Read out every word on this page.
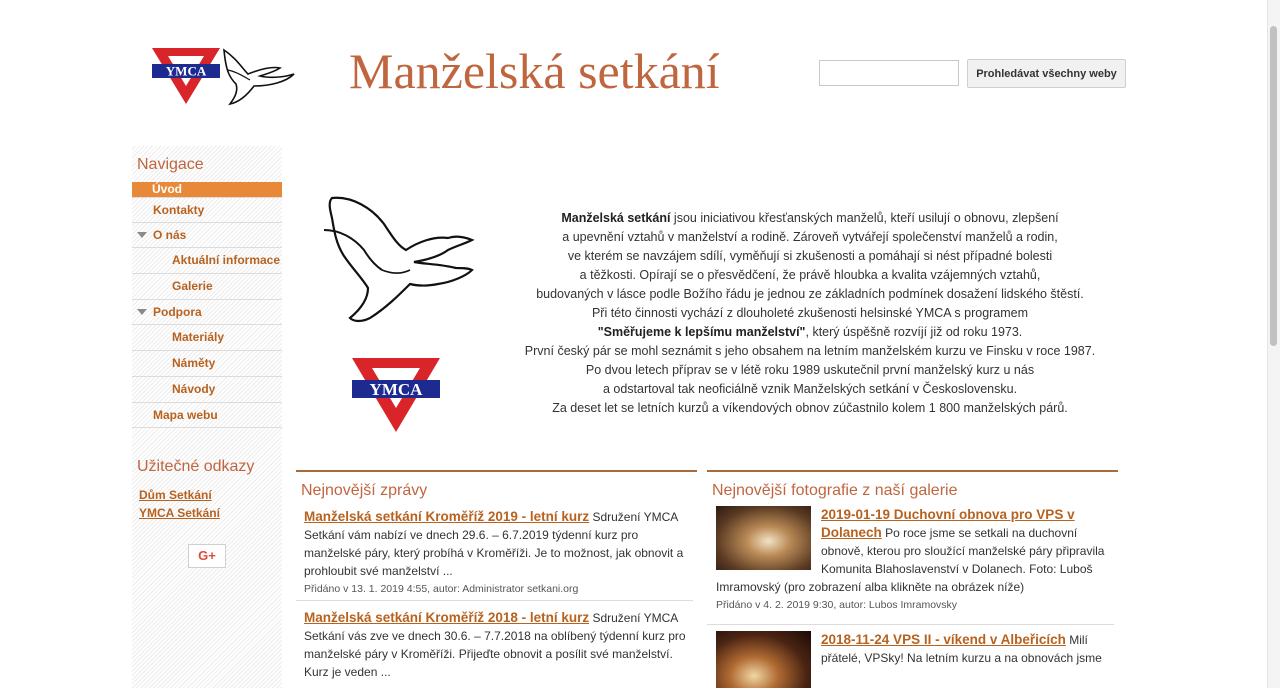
YMCA	Manželská setkání	Prohledávat všechny weby
Navigace
Úvod
Kontakty
O nás
Aktuální informace
Galerie
Podpora
Materiály
Náměty
Návody
Mapa webu
Užitečné odkazy
Dům Setkání
YMCA Setkání
G+
YMCA

Manželská setkání jsou iniciativou křesťanských manželů, kteří usilují o obnovu, zlepšení

a upevnění vztahů v manželství a rodině. Zároveň vytvářejí společenství manželů a rodin,

ve kterém se navzájem sdílí, vyměňují si zkušenosti a pomáhají si nést případné bolesti

a těžkosti. Opírají se o přesvědčení, že právě hloubka a kvalita vzájemných vztahů,

budovaných v lásce podle Božího řádu je jednou ze základních podmínek dosažení lidského štěstí.

Při této činnosti vychází z dlouholeté zkušenosti helsinské YMCA s programem

"Směřujeme k lepšímu manželství", který úspěšně rozvíjí již od roku 1973.

První český pár se mohl seznámit s jeho obsahem na letním manželském kurzu ve Finsku v roce 1987.

Po dvou letech příprav se v létě roku 1989 uskutečnil první manželský kurz u nás

a odstartoval tak neoficiálně vznik Manželských setkání v Československu.

Za deset let se letních kurzů a víkendových obnov zúčastnilo kolem 1 800 manželských párů.

Nejnovější zprávy
Manželská setkání Kroměříž 2019 - letní kurz Sdružení YMCA Setkání vám nabízí ve dnech 29.6. – 6.7.2019 týdenní kurz pro manželské páry, který probíhá v Kroměříži. Je to možnost, jak obnovit a prohloubit své manželství ...
Přidáno v 13. 1. 2019 4:55, autor: Administrator setkani.org
Manželská setkání Kroměříž 2018 - letní kurz Sdružení YMCA Setkání vás zve ve dnech 30.6. – 7.7.2018 na oblíbený týdenní kurz pro manželské páry v Kroměříži. Přijeďte obnovit a posílit své manželství. Kurz je veden ...
Nejnovější fotografie z naší galerie
2019-01-19 Duchovní obnova pro VPS v Dolanech Po roce jsme se setkali na duchovní obnově, kterou pro sloužící manželské páry připravila Komunita Blahoslavenství v Dolanech. Foto: Luboš Imramovský (pro zobrazení alba klikněte na obrázek níže)
Přidáno v 4. 2. 2019 9:30, autor: Lubos Imramovsky
2018-11-24 VPS II - víkend v Albeřicích Milí přátelé, VPSky! Na letním kurzu a na obnovách jsme
